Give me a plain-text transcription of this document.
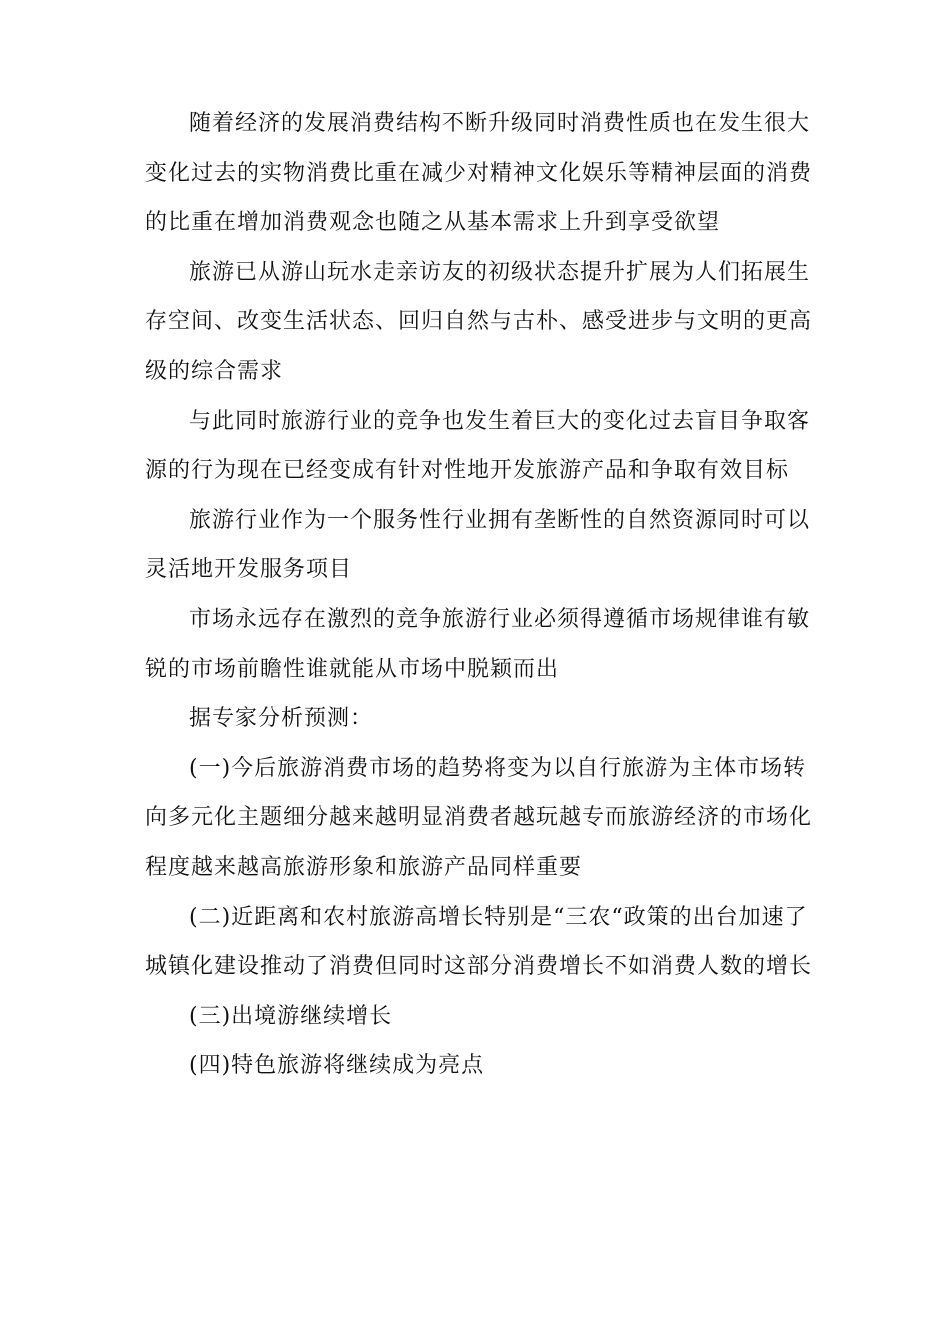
随着经济的发展消费结构不断升级同时消费性质也在发生很大变化过去的实物消费比重在减少对精神文化娱乐等精神层面的消费的比重在增加消费观念也随之从基本需求上升到享受欲望

旅游已从游山玩水走亲访友的初级状态提升扩展为人们拓展生存空间、改变生活状态、回归自然与古朴、感受进步与文明的更高级的综合需求

与此同时旅游行业的竞争也发生着巨大的变化过去盲目争取客源的行为现在已经变成有针对性地开发旅游产品和争取有效目标

旅游行业作为一个服务性行业拥有垄断性的自然资源同时可以灵活地开发服务项目

市场永远存在激烈的竞争旅游行业必须得遵循市场规律谁有敏锐的市场前瞻性谁就能从市场中脱颖而出

据专家分析预测：

(一)今后旅游消费市场的趋势将变为以自行旅游为主体市场转向多元化主题细分越来越明显消费者越玩越专而旅游经济的市场化程度越来越高旅游形象和旅游产品同样重要

(二)近距离和农村旅游高增长特别是“三农“政策的出台加速了城镇化建设推动了消费但同时这部分消费增长不如消费人数的增长

(三)出境游继续增长

(四)特色旅游将继续成为亮点
